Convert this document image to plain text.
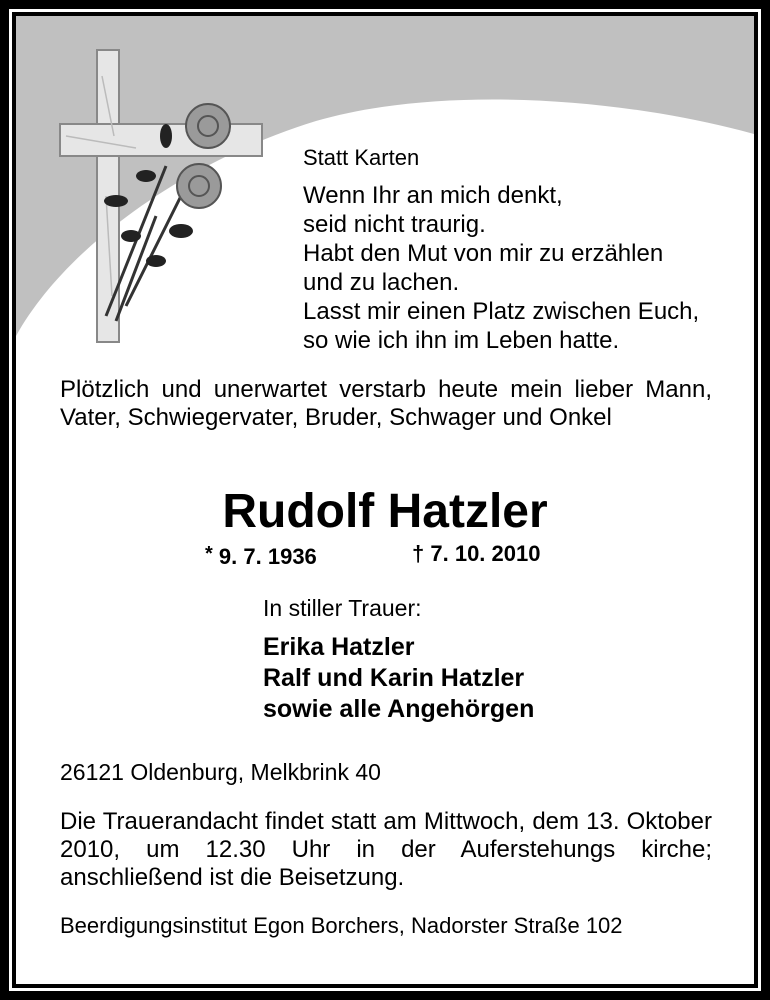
Statt Karten
Wenn Ihr an mich denkt,
seid nicht traurig.
Habt den Mut von mir zu erzählen
und zu lachen.
Lasst mir einen Platz zwischen Euch,
so wie ich ihn im Leben hatte.
Plötzlich und unerwartet verstarb heute mein lieber Mann, Vater, Schwiegervater, Bruder, Schwager und Onkel
Rudolf Hatzler
* 9. 7. 1936	† 7. 10. 2010
In stiller Trauer:
Erika Hatzler
Ralf und Karin Hatzler
sowie alle Angehörgen
26121 Oldenburg, Melkbrink 40
Die Trauerandacht findet statt am Mittwoch, dem 13. Oktober 2010, um 12.30 Uhr in der Auferstehungs kirche; anschließend ist die Beisetzung.
Beerdigungsinstitut Egon Borchers, Nadorster Straße 102
